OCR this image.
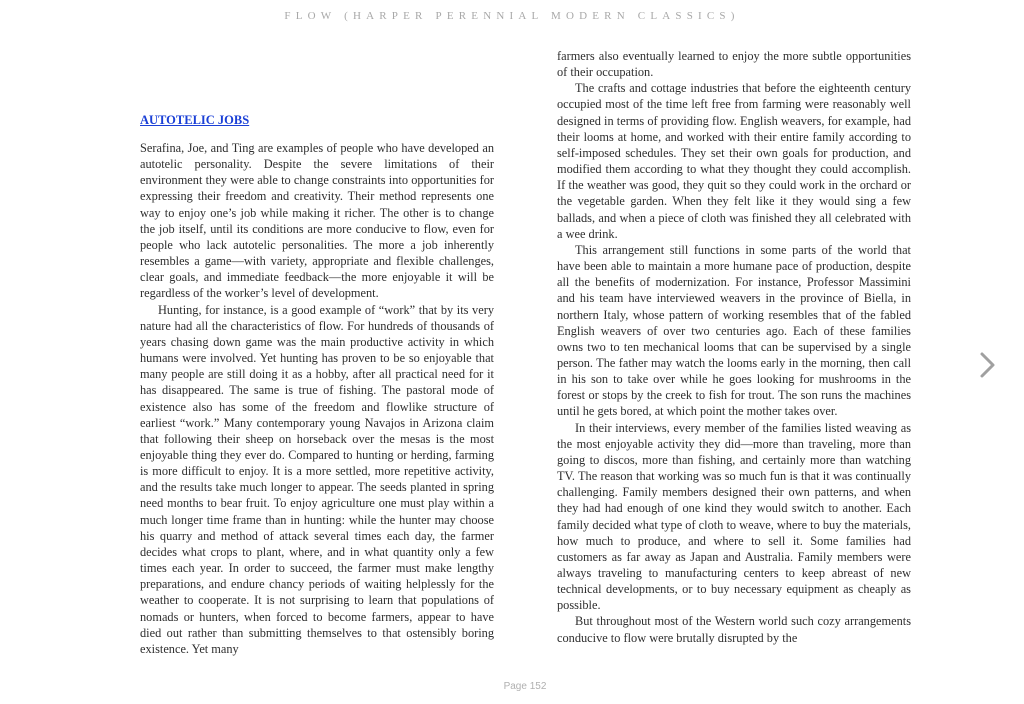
FLOW (HARPER PERENNIAL MODERN CLASSICS)
AUTOTELIC JOBS

Serafina, Joe, and Ting are examples of people who have developed an autotelic personality. Despite the severe limitations of their environment they were able to change constraints into opportunities for expressing their freedom and creativity. Their method represents one way to enjoy one’s job while making it richer. The other is to change the job itself, until its conditions are more conducive to flow, even for people who lack autotelic personalities. The more a job inherently resembles a game—with variety, appropriate and flexible challenges, clear goals, and immediate feedback—the more enjoyable it will be regardless of the worker’s level of development.

Hunting, for instance, is a good example of “work” that by its very nature had all the characteristics of flow. For hundreds of thousands of years chasing down game was the main productive activity in which humans were involved. Yet hunting has proven to be so enjoyable that many people are still doing it as a hobby, after all practical need for it has disappeared. The same is true of fishing. The pastoral mode of existence also has some of the freedom and flowlike structure of earliest “work.” Many contemporary young Navajos in Arizona claim that following their sheep on horseback over the mesas is the most enjoyable thing they ever do. Compared to hunting or herding, farming is more difficult to enjoy. It is a more settled, more repetitive activity, and the results take much longer to appear. The seeds planted in spring need months to bear fruit. To enjoy agriculture one must play within a much longer time frame than in hunting: while the hunter may choose his quarry and method of attack several times each day, the farmer decides what crops to plant, where, and in what quantity only a few times each year. In order to succeed, the farmer must make lengthy preparations, and endure chancy periods of waiting helplessly for the weather to cooperate. It is not surprising to learn that populations of nomads or hunters, when forced to become farmers, appear to have died out rather than submitting themselves to that ostensibly boring existence. Yet many

farmers also eventually learned to enjoy the more subtle opportunities of their occupation.

The crafts and cottage industries that before the eighteenth century occupied most of the time left free from farming were reasonably well designed in terms of providing flow. English weavers, for example, had their looms at home, and worked with their entire family according to self-imposed schedules. They set their own goals for production, and modified them according to what they thought they could accomplish. If the weather was good, they quit so they could work in the orchard or the vegetable garden. When they felt like it they would sing a few ballads, and when a piece of cloth was finished they all celebrated with a wee drink.

This arrangement still functions in some parts of the world that have been able to maintain a more humane pace of production, despite all the benefits of modernization. For instance, Professor Massimini and his team have interviewed weavers in the province of Biella, in northern Italy, whose pattern of working resembles that of the fabled English weavers of over two centuries ago. Each of these families owns two to ten mechanical looms that can be supervised by a single person. The father may watch the looms early in the morning, then call in his son to take over while he goes looking for mushrooms in the forest or stops by the creek to fish for trout. The son runs the machines until he gets bored, at which point the mother takes over.

In their interviews, every member of the families listed weaving as the most enjoyable activity they did—more than traveling, more than going to discos, more than fishing, and certainly more than watching TV. The reason that working was so much fun is that it was continually challenging. Family members designed their own patterns, and when they had had enough of one kind they would switch to another. Each family decided what type of cloth to weave, where to buy the materials, how much to produce, and where to sell it. Some families had customers as far away as Japan and Australia. Family members were always traveling to manufacturing centers to keep abreast of new technical developments, or to buy necessary equipment as cheaply as possible.

But throughout most of the Western world such cozy arrangements conducive to flow were brutally disrupted by the

Page 152
